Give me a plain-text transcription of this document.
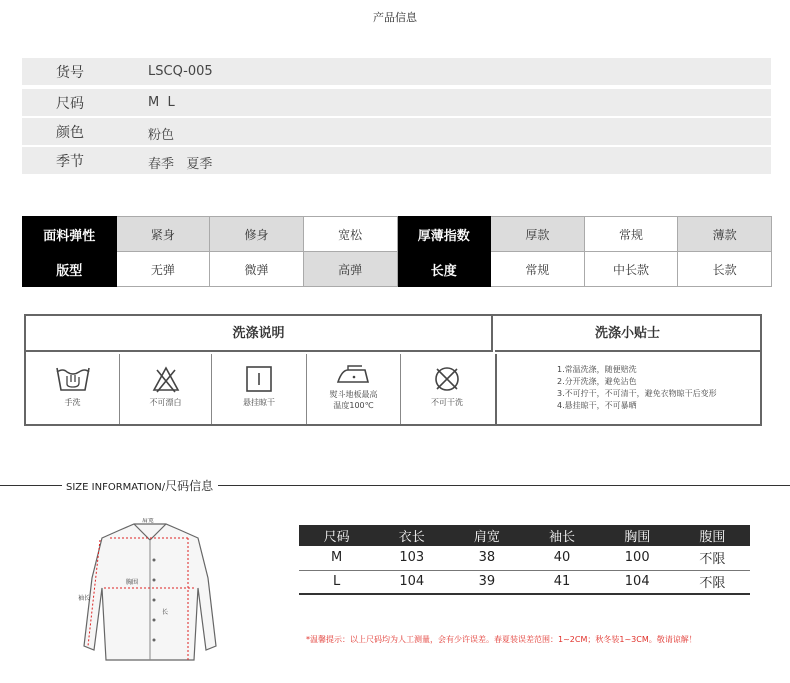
产品信息
货号	LSCQ-005
尺码	M  L
颜色	粉色
季节	春季   夏季
面料弹性	紧身	修身	宽松	厚薄指数	厚款	常规	薄款
版型	无弹	微弹	高弹	长度	常规	中长款	长款
洗涤说明	洗涤小贴士
手洗	不可漂白	悬挂晾干
熨斗地板最高
温度100℃	不可干洗
1.常温洗涤，随便赔洗
2.分开洗涤，避免沾色
3.不可拧干，不可清干，避免衣物晾干后变形
4.悬挂晾干，不可暴晒
SIZE INFORMATION/尺码信息
肩宽
胸围
袖长
长
尺码	衣长	肩宽	袖长	胸围	腹围
M	103	38	40	100	不限
L	104	39	41	104	不限
*温馨提示：以上尺码均为人工测量，会有少许误差。春夏装误差范围：1~2CM；秋冬装1~3CM。敬请谅解！
